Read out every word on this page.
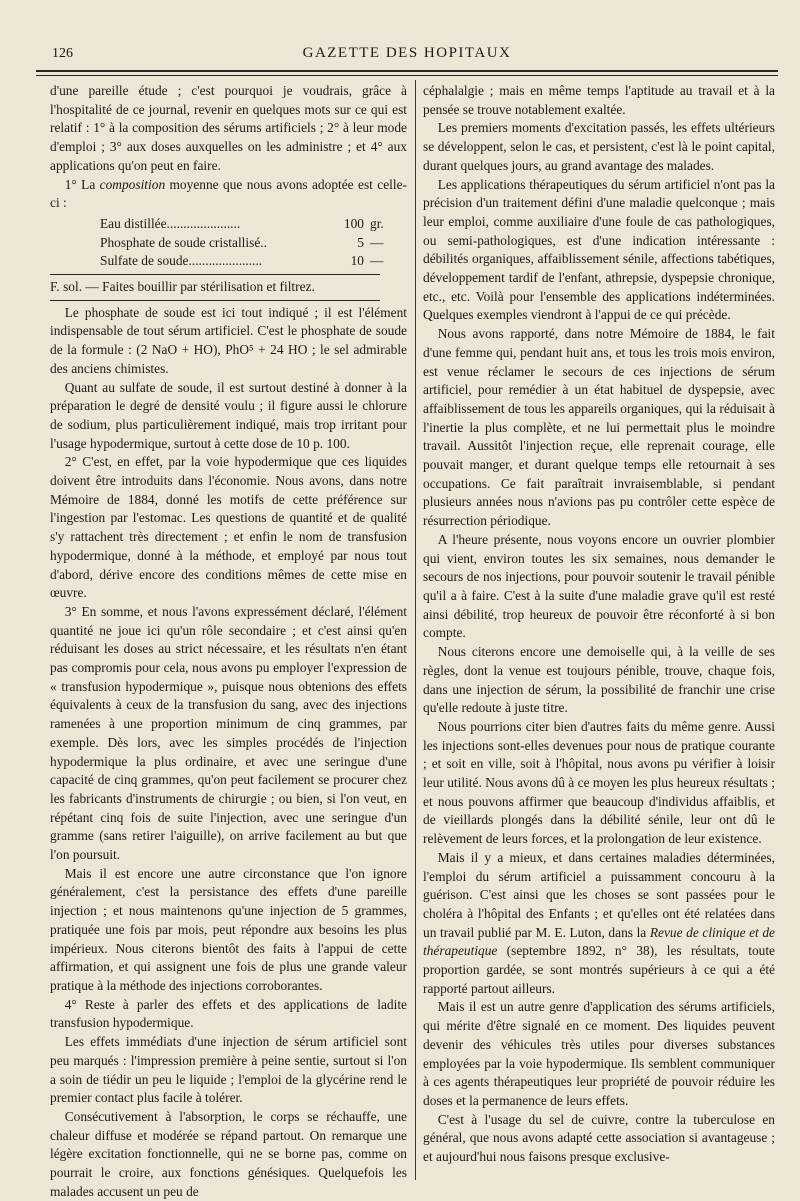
126	GAZETTE DES HOPITAUX

d'une pareille étude ; c'est pourquoi je voudrais, grâce à l'hospitalité de ce journal, revenir en quelques mots sur ce qui est relatif : 1° à la composition des sérums artificiels ; 2° à leur mode d'emploi ; 3° aux doses auxquelles on les administre ; et 4° aux applications qu'on peut en faire.

1° La composition moyenne que nous avons adoptée est celle-ci :

Eau distillée......................	100 gr.
Phosphate de soude cristallisé..	5 —
Sulfate de soude......................	10 —

F. sol. — Faites bouillir par stérilisation et filtrez.

Le phosphate de soude est ici tout indiqué ; il est l'élément indispensable de tout sérum artificiel. C'est le phosphate de soude de la formule : (2 NaO + HO), PhO⁵ + 24 HO ; le sel admirable des anciens chimistes.

Quant au sulfate de soude, il est surtout destiné à donner à la préparation le degré de densité voulu ; il figure aussi le chlorure de sodium, plus particulièrement indiqué, mais trop irritant pour l'usage hypodermique, surtout à cette dose de 10 p. 100.

2° C'est, en effet, par la voie hypodermique que ces liquides doivent être introduits dans l'économie. Nous avons, dans notre Mémoire de 1884, donné les motifs de cette préférence sur l'ingestion par l'estomac. Les questions de quantité et de qualité s'y rattachent très directement ; et enfin le nom de transfusion hypodermique, donné à la méthode, et employé par nous tout d'abord, dérive encore des conditions mêmes de cette mise en œuvre.

3° En somme, et nous l'avons expressément déclaré, l'élément quantité ne joue ici qu'un rôle secondaire ; et c'est ainsi qu'en réduisant les doses au strict nécessaire, et les résultats n'en étant pas compromis pour cela, nous avons pu employer l'expression de « transfusion hypodermique », puisque nous obtenions des effets équivalents à ceux de la transfusion du sang, avec des injections ramenées à une proportion minimum de cinq grammes, par exemple. Dès lors, avec les simples procédés de l'injection hypodermique la plus ordinaire, et avec une seringue d'une capacité de cinq grammes, qu'on peut facilement se procurer chez les fabricants d'instruments de chirurgie ; ou bien, si l'on veut, en répétant cinq fois de suite l'injection, avec une seringue d'un gramme (sans retirer l'aiguille), on arrive facilement au but que l'on poursuit.

Mais il est encore une autre circonstance que l'on ignore généralement, c'est la persistance des effets d'une pareille injection ; et nous maintenons qu'une injection de 5 grammes, pratiquée une fois par mois, peut répondre aux besoins les plus impérieux. Nous citerons bientôt des faits à l'appui de cette affirmation, et qui assignent une fois de plus une grande valeur pratique à la méthode des injections corroborantes.

4° Reste à parler des effets et des applications de ladite transfusion hypodermique.

Les effets immédiats d'une injection de sérum artificiel sont peu marqués : l'impression première à peine sentie, surtout si l'on a soin de tiédir un peu le liquide ; l'emploi de la glycérine rend le premier contact plus facile à tolérer.

Consécutivement à l'absorption, le corps se réchauffe, une chaleur diffuse et modérée se répand partout. On remarque une légère excitation fonctionnelle, qui ne se borne pas, comme on pourrait le croire, aux fonctions génésiques. Quelquefois les malades accusent un peu de

céphalalgie ; mais en même temps l'aptitude au travail et à la pensée se trouve notablement exaltée.

Les premiers moments d'excitation passés, les effets ultérieurs se développent, selon le cas, et persistent, c'est là le point capital, durant quelques jours, au grand avantage des malades.

Les applications thérapeutiques du sérum artificiel n'ont pas la précision d'un traitement défini d'une maladie quelconque ; mais leur emploi, comme auxiliaire d'une foule de cas pathologiques, ou semi-pathologiques, est d'une indication intéressante : débilités organiques, affaiblissement sénile, affections tabétiques, développement tardif de l'enfant, athrepsie, dyspepsie chronique, etc., etc. Voilà pour l'ensemble des applications indéterminées. Quelques exemples viendront à l'appui de ce qui précède.

Nous avons rapporté, dans notre Mémoire de 1884, le fait d'une femme qui, pendant huit ans, et tous les trois mois environ, est venue réclamer le secours de ces injections de sérum artificiel, pour remédier à un état habituel de dyspepsie, avec affaiblissement de tous les appareils organiques, qui la réduisait à l'inertie la plus complète, et ne lui permettait plus le moindre travail. Aussitôt l'injection reçue, elle reprenait courage, elle pouvait manger, et durant quelque temps elle retournait à ses occupations. Ce fait paraîtrait invraisemblable, si pendant plusieurs années nous n'avions pas pu contrôler cette espèce de résurrection périodique.

A l'heure présente, nous voyons encore un ouvrier plombier qui vient, environ toutes les six semaines, nous demander le secours de nos injections, pour pouvoir soutenir le travail pénible qu'il a à faire. C'est à la suite d'une maladie grave qu'il est resté ainsi débilité, trop heureux de pouvoir être réconforté à si bon compte.

Nous citerons encore une demoiselle qui, à la veille de ses règles, dont la venue est toujours pénible, trouve, chaque fois, dans une injection de sérum, la possibilité de franchir une crise qu'elle redoute à juste titre.

Nous pourrions citer bien d'autres faits du même genre. Aussi les injections sont-elles devenues pour nous de pratique courante ; et soit en ville, soit à l'hôpital, nous avons pu vérifier à loisir leur utilité. Nous avons dû à ce moyen les plus heureux résultats ; et nous pouvons affirmer que beaucoup d'individus affaiblis, et de vieillards plongés dans la débilité sénile, leur ont dû le relèvement de leurs forces, et la prolongation de leur existence.

Mais il y a mieux, et dans certaines maladies déterminées, l'emploi du sérum artificiel a puissamment concouru à la guérison. C'est ainsi que les choses se sont passées pour le choléra à l'hôpital des Enfants ; et qu'elles ont été relatées dans un travail publié par M. E. Luton, dans la Revue de clinique et de thérapeutique (septembre 1892, n° 38), les résultats, toute proportion gardée, se sont montrés supérieurs à ce qui a été rapporté partout ailleurs.

Mais il est un autre genre d'application des sérums artificiels, qui mérite d'être signalé en ce moment. Des liquides peuvent devenir des véhicules très utiles pour diverses substances employées par la voie hypodermique. Ils semblent communiquer à ces agents thérapeutiques leur propriété de pouvoir réduire les doses et la permanence de leurs effets.

C'est à l'usage du sel de cuivre, contre la tuberculose en général, que nous avons adapté cette association si avantageuse ; et aujourd'hui nous faisons presque exclusive-
